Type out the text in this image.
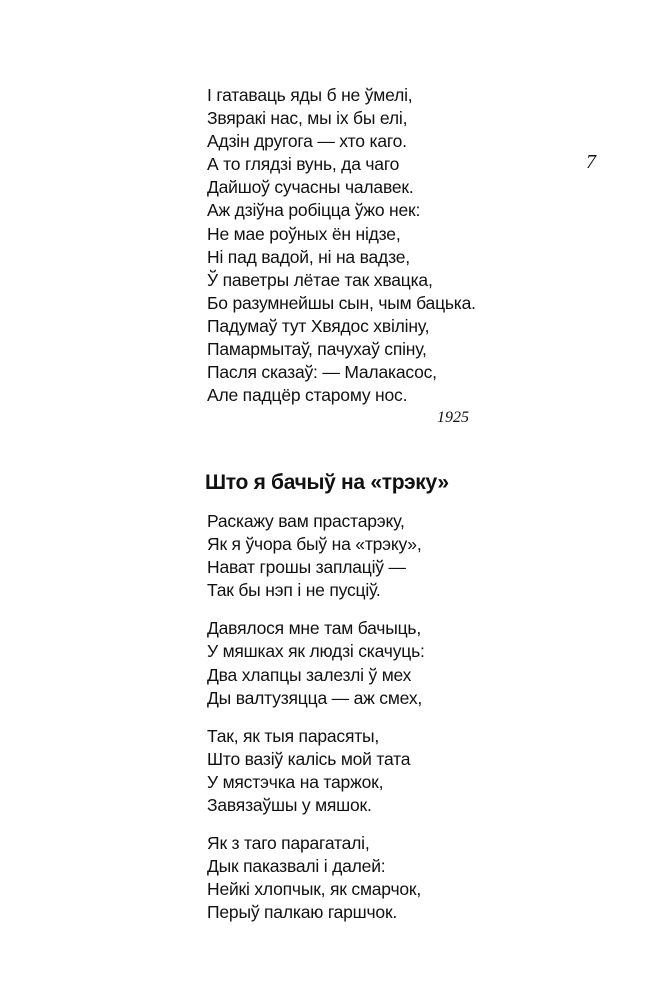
7
І гатаваць яды б не ўмелі,
Звяракі нас, мы іх бы елі,
Адзін другога — хто каго.
А то глядзі вунь, да чаго
Дайшоў сучасны чалавек.
Аж дзіўна робіцца ўжо нек:
Не мае роўных ён нідзе,
Ні пад вадой, ні на вадзе,
Ў паветры лётае так хвацка,
Бо разумнейшы сын, чым бацька.
Падумаў тут Хвядос хвіліну,
Памармытаў, пачухаў спіну,
Пасля сказаў: — Малакасос,
Але падцёр старому нос.
1925
Што я бачыў на «трэку»
Раскажу вам прастарэку,
Як я ўчора быў на «трэку»,
Нават грошы заплаціў —
Так бы нэп і не пусціў.
Давялося мне там бачыць,
У мяшках як людзі скачуць:
Два хлапцы залезлі ў мех
Ды валтузяцца — аж смех,
Так, як тыя парасяты,
Што вазіў калісь мой тата
У мястэчка на таржок,
Завязаўшы у мяшок.
Як з таго парагаталі,
Дык паказвалі і далей:
Нейкі хлопчык, як смарчок,
Перыў палкаю гаршчок.
